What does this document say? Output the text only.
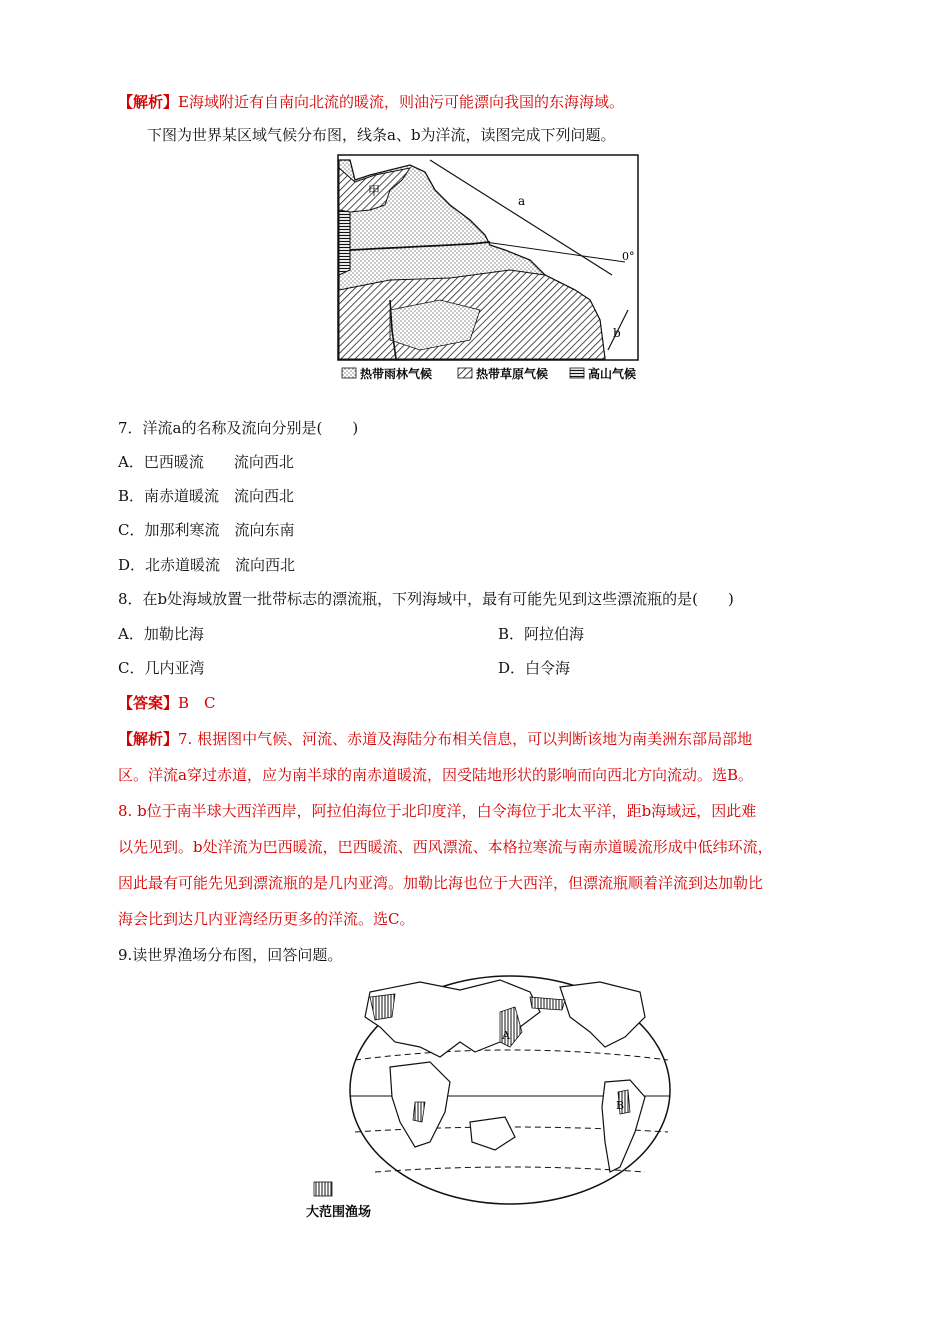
【解析】E海域附近有自南向北流的暖流，则油污可能漂向我国的东海海域。
下图为世界某区域气候分布图，线条a、b为洋流，读图完成下列问题。
甲
a
b
0°
热带雨林气候	热带草原气候	高山气候
7．洋流a的名称及流向分别是(　　)
A．巴西暖流　　流向西北
B．南赤道暖流　流向西北
C．加那利寒流　流向东南
D．北赤道暖流　流向西北
8．在b处海域放置一批带标志的漂流瓶，下列海域中，最有可能先见到这些漂流瓶的是(　　)
A．加勒比海	B．阿拉伯海
C．几内亚湾	D．白令海
【答案】B　C
【解析】7. 根据图中气候、河流、赤道及海陆分布相关信息，可以判断该地为南美洲东部局部地
区。洋流a穿过赤道，应为南半球的南赤道暖流，因受陆地形状的影响而向西北方向流动。选B。
8. b位于南半球大西洋西岸，阿拉伯海位于北印度洋，白令海位于北太平洋，距b海域远，因此难
以先见到。b处洋流为巴西暖流，巴西暖流、西风漂流、本格拉寒流与南赤道暖流形成中低纬环流，
因此最有可能先见到漂流瓶的是几内亚湾。加勒比海也位于大西洋，但漂流瓶顺着洋流到达加勒比
海会比到达几内亚湾经历更多的洋流。选C。
9.读世界渔场分布图，回答问题。
A
B
大范围渔场
